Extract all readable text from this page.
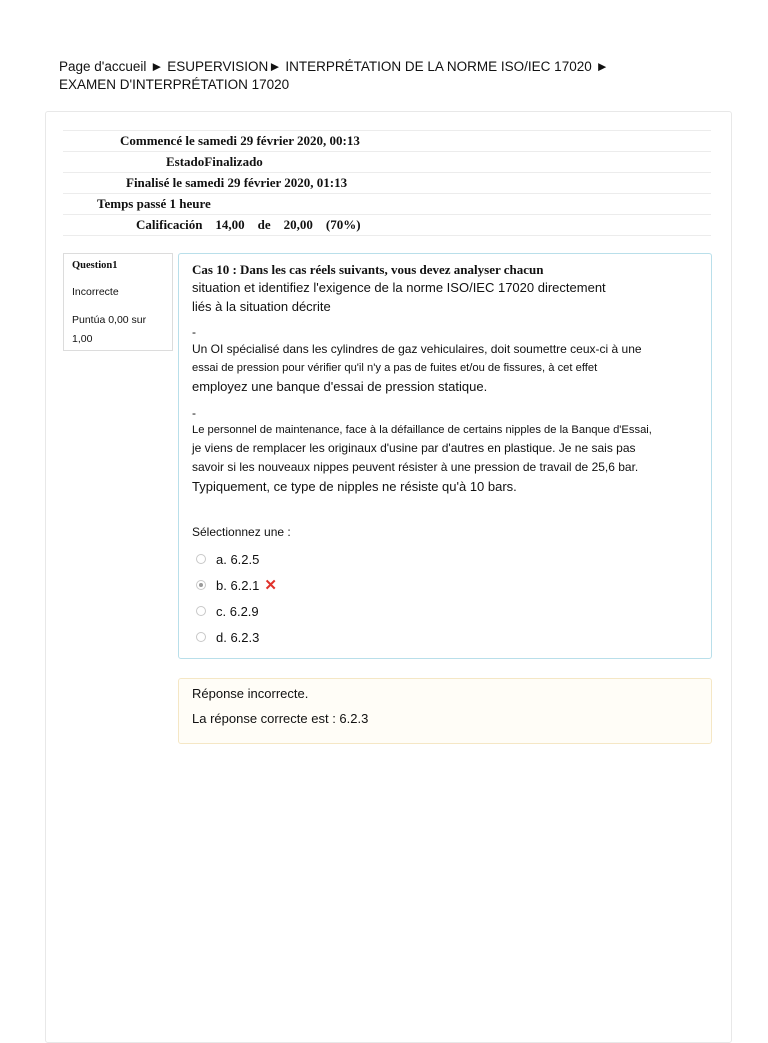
Page d'accueil ► ESUPERVISION► INTERPRÉTATION DE LA NORME ISO/IEC 17020 ►
EXAMEN D'INTERPRÉTATION 17020
Commencé le samedi 29 février 2020, 00:13
EstadoFinalizado
Finalisé le samedi 29 février 2020, 01:13
Temps passé 1 heure
Calificación    14,00    de    20,00    (70%)
Question1
Incorrecte
Puntúa 0,00 sur 1,00
Cas 10 : Dans les cas réels suivants, vous devez analyser chacun
situation et identifiez l'exigence de la norme ISO/IEC 17020 directement
liés à la situation décrite
-
Un OI spécialisé dans les cylindres de gaz vehiculaires, doit soumettre ceux-ci à une
essai de pression pour vérifier qu'il n'y a pas de fuites et/ou de fissures, à cet effet
employez une banque d'essai de pression statique.
-
Le personnel de maintenance, face à la défaillance de certains nipples de la Banque d'Essai,
je viens de remplacer les originaux d'usine par d'autres en plastique. Je ne sais pas
savoir si les nouveaux nippes peuvent résister à une pression de travail de 25,6 bar.
Typiquement, ce type de nipples ne résiste qu'à 10 bars.
Sélectionnez une :
a. 6.2.5
b. 6.2.1 ✕
c. 6.2.9
d. 6.2.3
Réponse incorrecte.
La réponse correcte est : 6.2.3
